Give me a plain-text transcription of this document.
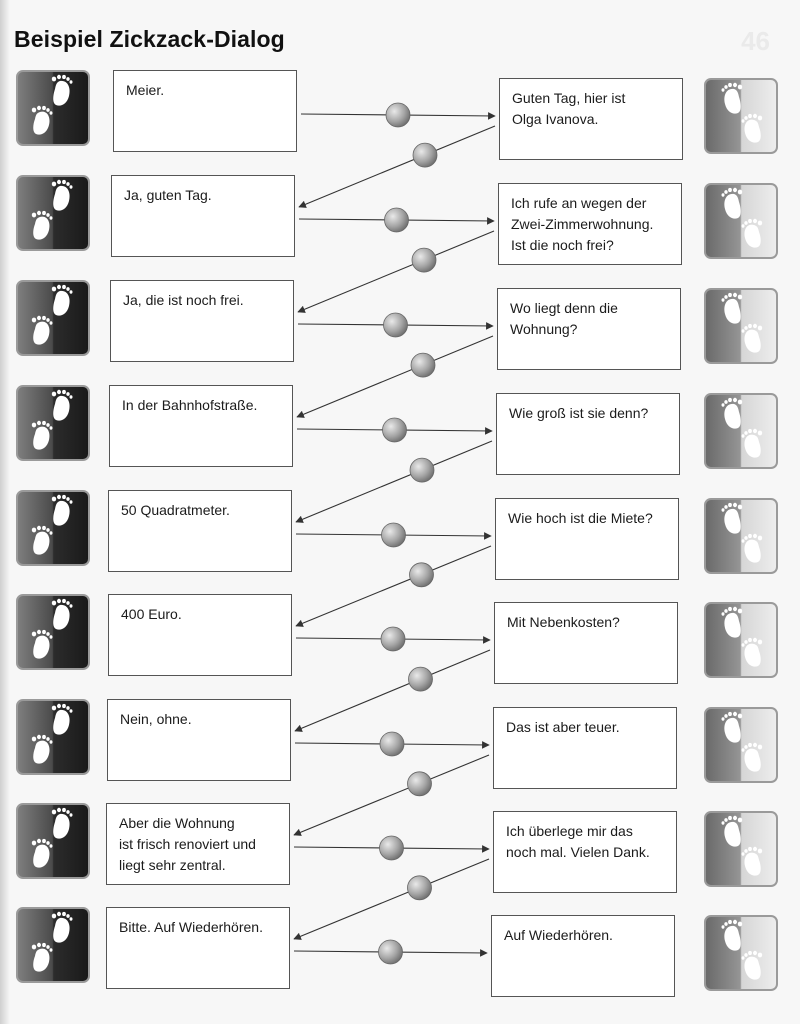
Beispiel Zickzack-Dialog	46
Meier.	Guten Tag, hier ist
Olga Ivanova.
Ja, guten Tag.	Ich rufe an wegen der
Zwei-Zimmerwohnung.
Ist die noch frei?
Ja, die ist noch frei.	Wo liegt denn die
Wohnung?
In der Bahnhofstraße.	Wie groß ist sie denn?
50 Quadratmeter.	Wie hoch ist die Miete?
400 Euro.	Mit Nebenkosten?
Nein, ohne.	Das ist aber teuer.
Aber die Wohnung
ist frisch renoviert und
liegt sehr zentral.
Ich überlege mir das
noch mal. Vielen Dank.
Bitte. Auf Wiederhören.	Auf Wiederhören.
